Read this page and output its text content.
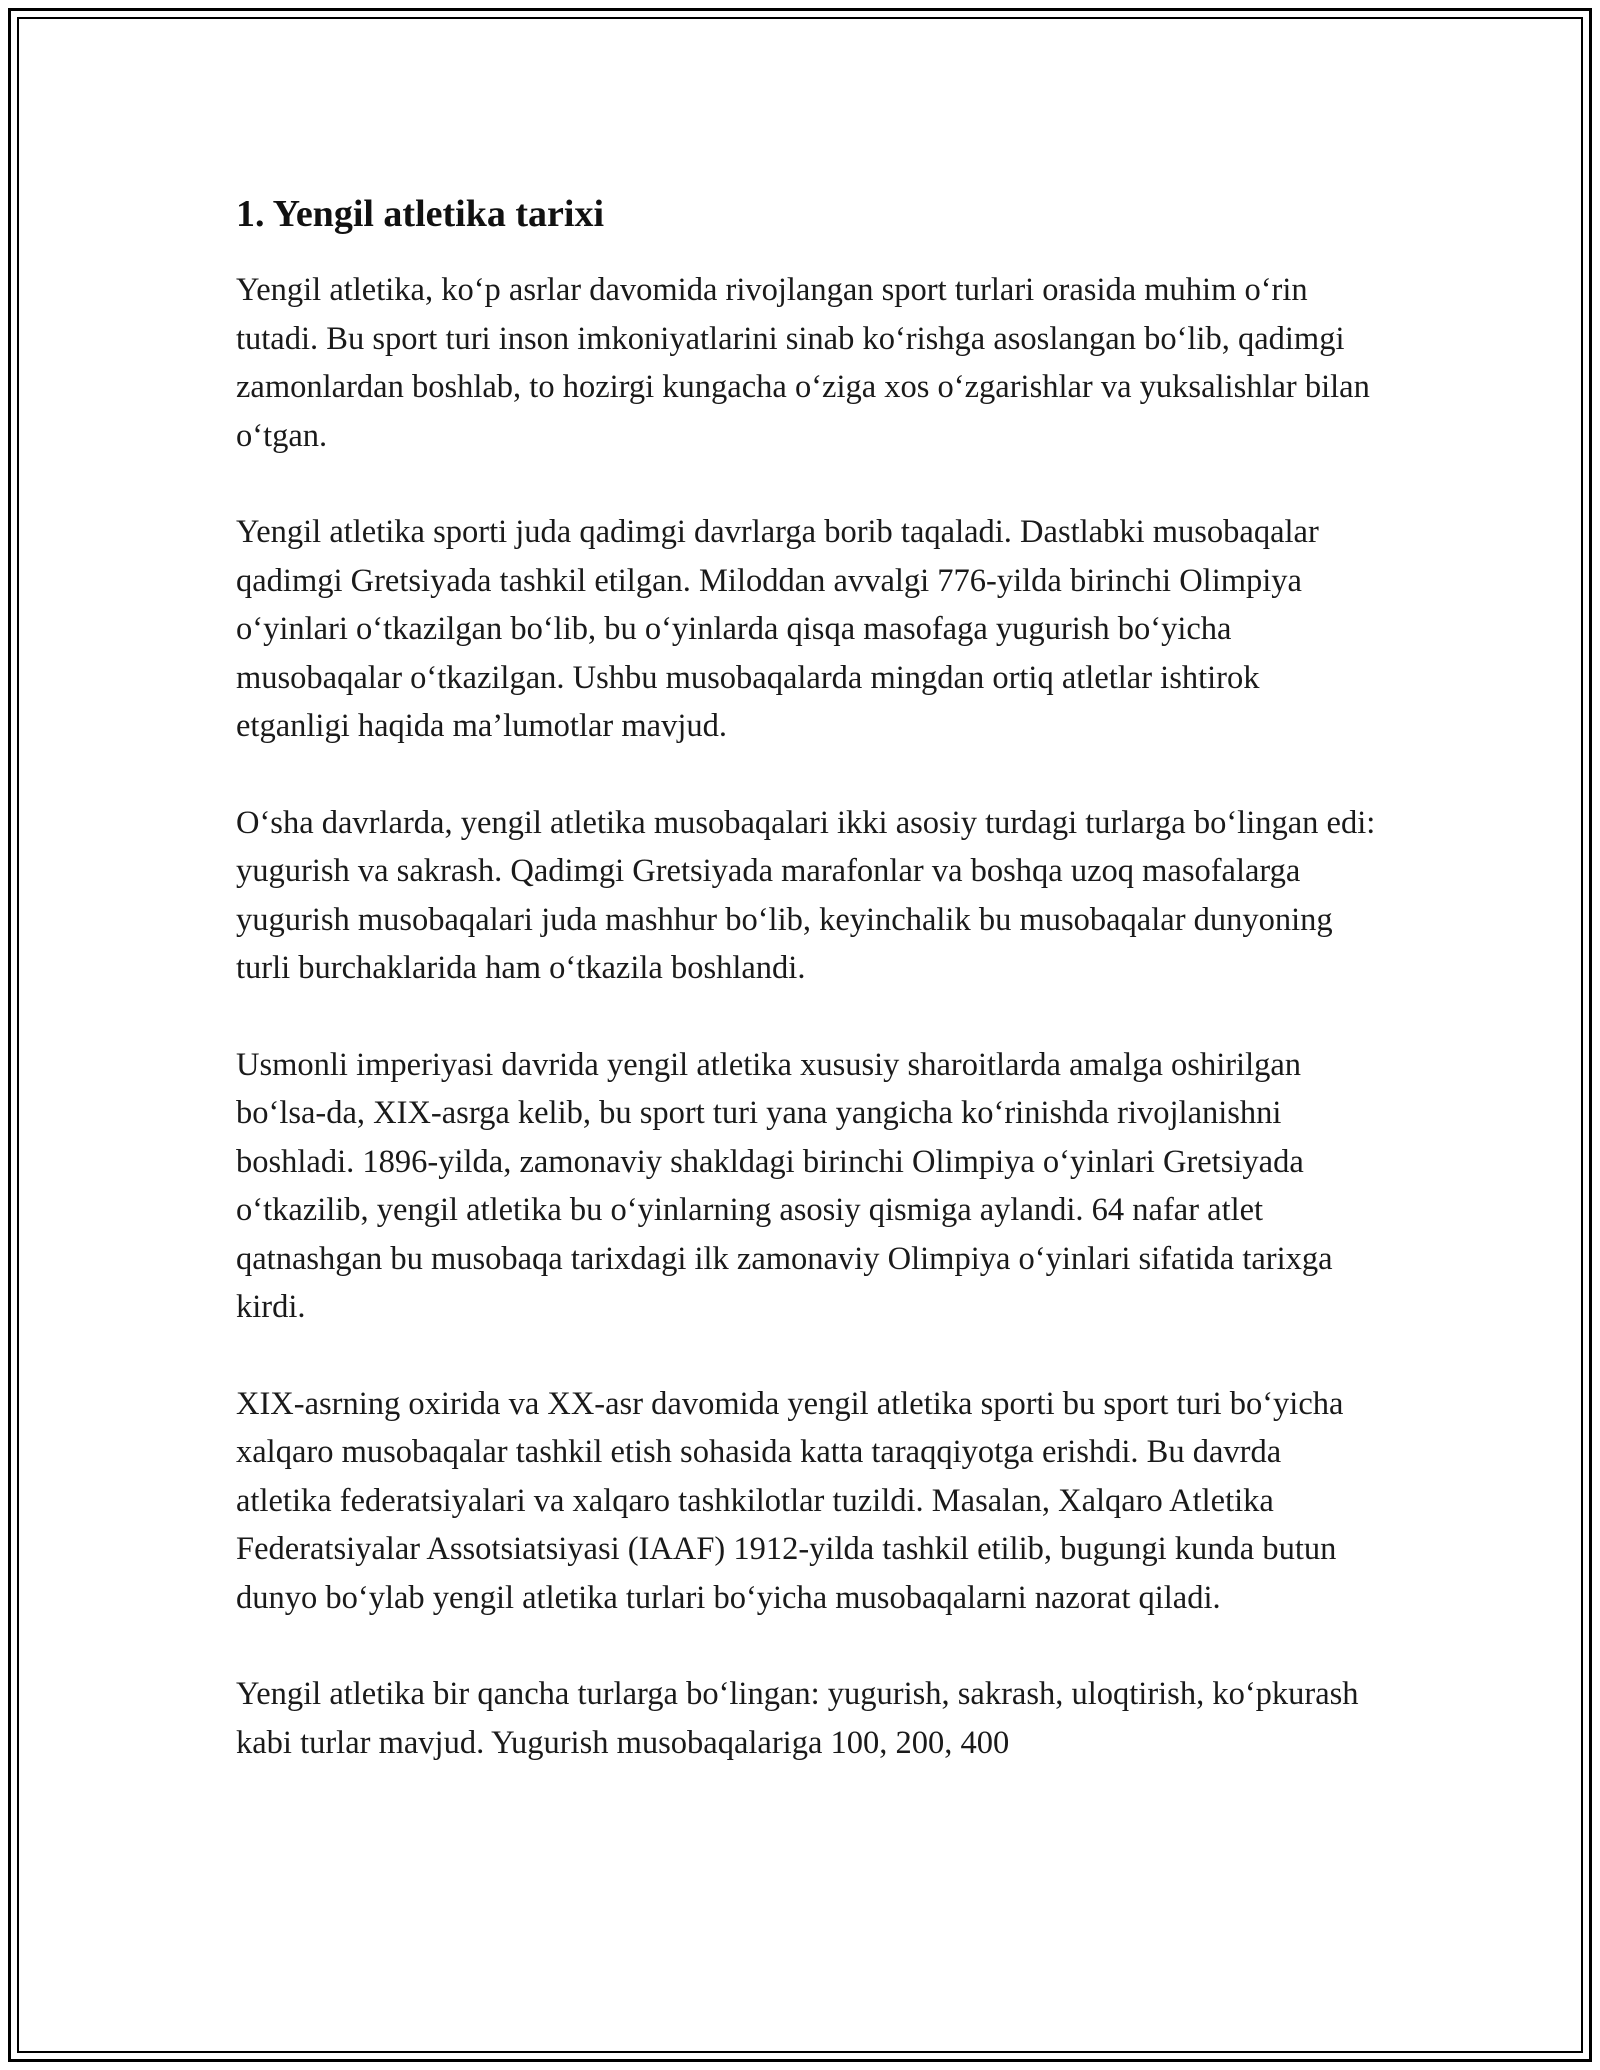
1. Yengil atletika tarixi

Yengil atletika, ko‘p asrlar davomida rivojlangan sport turlari orasida muhim o‘rin tutadi. Bu sport turi inson imkoniyatlarini sinab ko‘rishga asoslangan bo‘lib, qadimgi zamonlardan boshlab, to hozirgi kungacha o‘ziga xos o‘zgarishlar va yuksalishlar bilan o‘tgan.

Yengil atletika sporti juda qadimgi davrlarga borib taqaladi. Dastlabki musobaqalar qadimgi Gretsiyada tashkil etilgan. Miloddan avvalgi 776-yilda birinchi Olimpiya o‘yinlari o‘tkazilgan bo‘lib, bu o‘yinlarda qisqa masofaga yugurish bo‘yicha musobaqalar o‘tkazilgan. Ushbu musobaqalarda mingdan ortiq atletlar ishtirok etganligi haqida ma’lumotlar mavjud.

O‘sha davrlarda, yengil atletika musobaqalari ikki asosiy turdagi turlarga bo‘lingan edi: yugurish va sakrash. Qadimgi Gretsiyada marafonlar va boshqa uzoq masofalarga yugurish musobaqalari juda mashhur bo‘lib, keyinchalik bu musobaqalar dunyoning turli burchaklarida ham o‘tkazila boshlandi.

Usmonli imperiyasi davrida yengil atletika xususiy sharoitlarda amalga oshirilgan bo‘lsa-da, XIX-asrga kelib, bu sport turi yana yangicha ko‘rinishda rivojlanishni boshladi. 1896-yilda, zamonaviy shakldagi birinchi Olimpiya o‘yinlari Gretsiyada o‘tkazilib, yengil atletika bu o‘yinlarning asosiy qismiga aylandi. 64 nafar atlet qatnashgan bu musobaqa tarixdagi ilk zamonaviy Olimpiya o‘yinlari sifatida tarixga kirdi.

XIX-asrning oxirida va XX-asr davomida yengil atletika sporti bu sport turi bo‘yicha xalqaro musobaqalar tashkil etish sohasida katta taraqqiyotga erishdi. Bu davrda atletika federatsiyalari va xalqaro tashkilotlar tuzildi. Masalan, Xalqaro Atletika Federatsiyalar Assotsiatsiyasi (IAAF) 1912-yilda tashkil etilib, bugungi kunda butun dunyo bo‘ylab yengil atletika turlari bo‘yicha musobaqalarni nazorat qiladi.

Yengil atletika bir qancha turlarga bo‘lingan: yugurish, sakrash, uloqtirish, ko‘pkurash kabi turlar mavjud. Yugurish musobaqalariga 100, 200, 400
